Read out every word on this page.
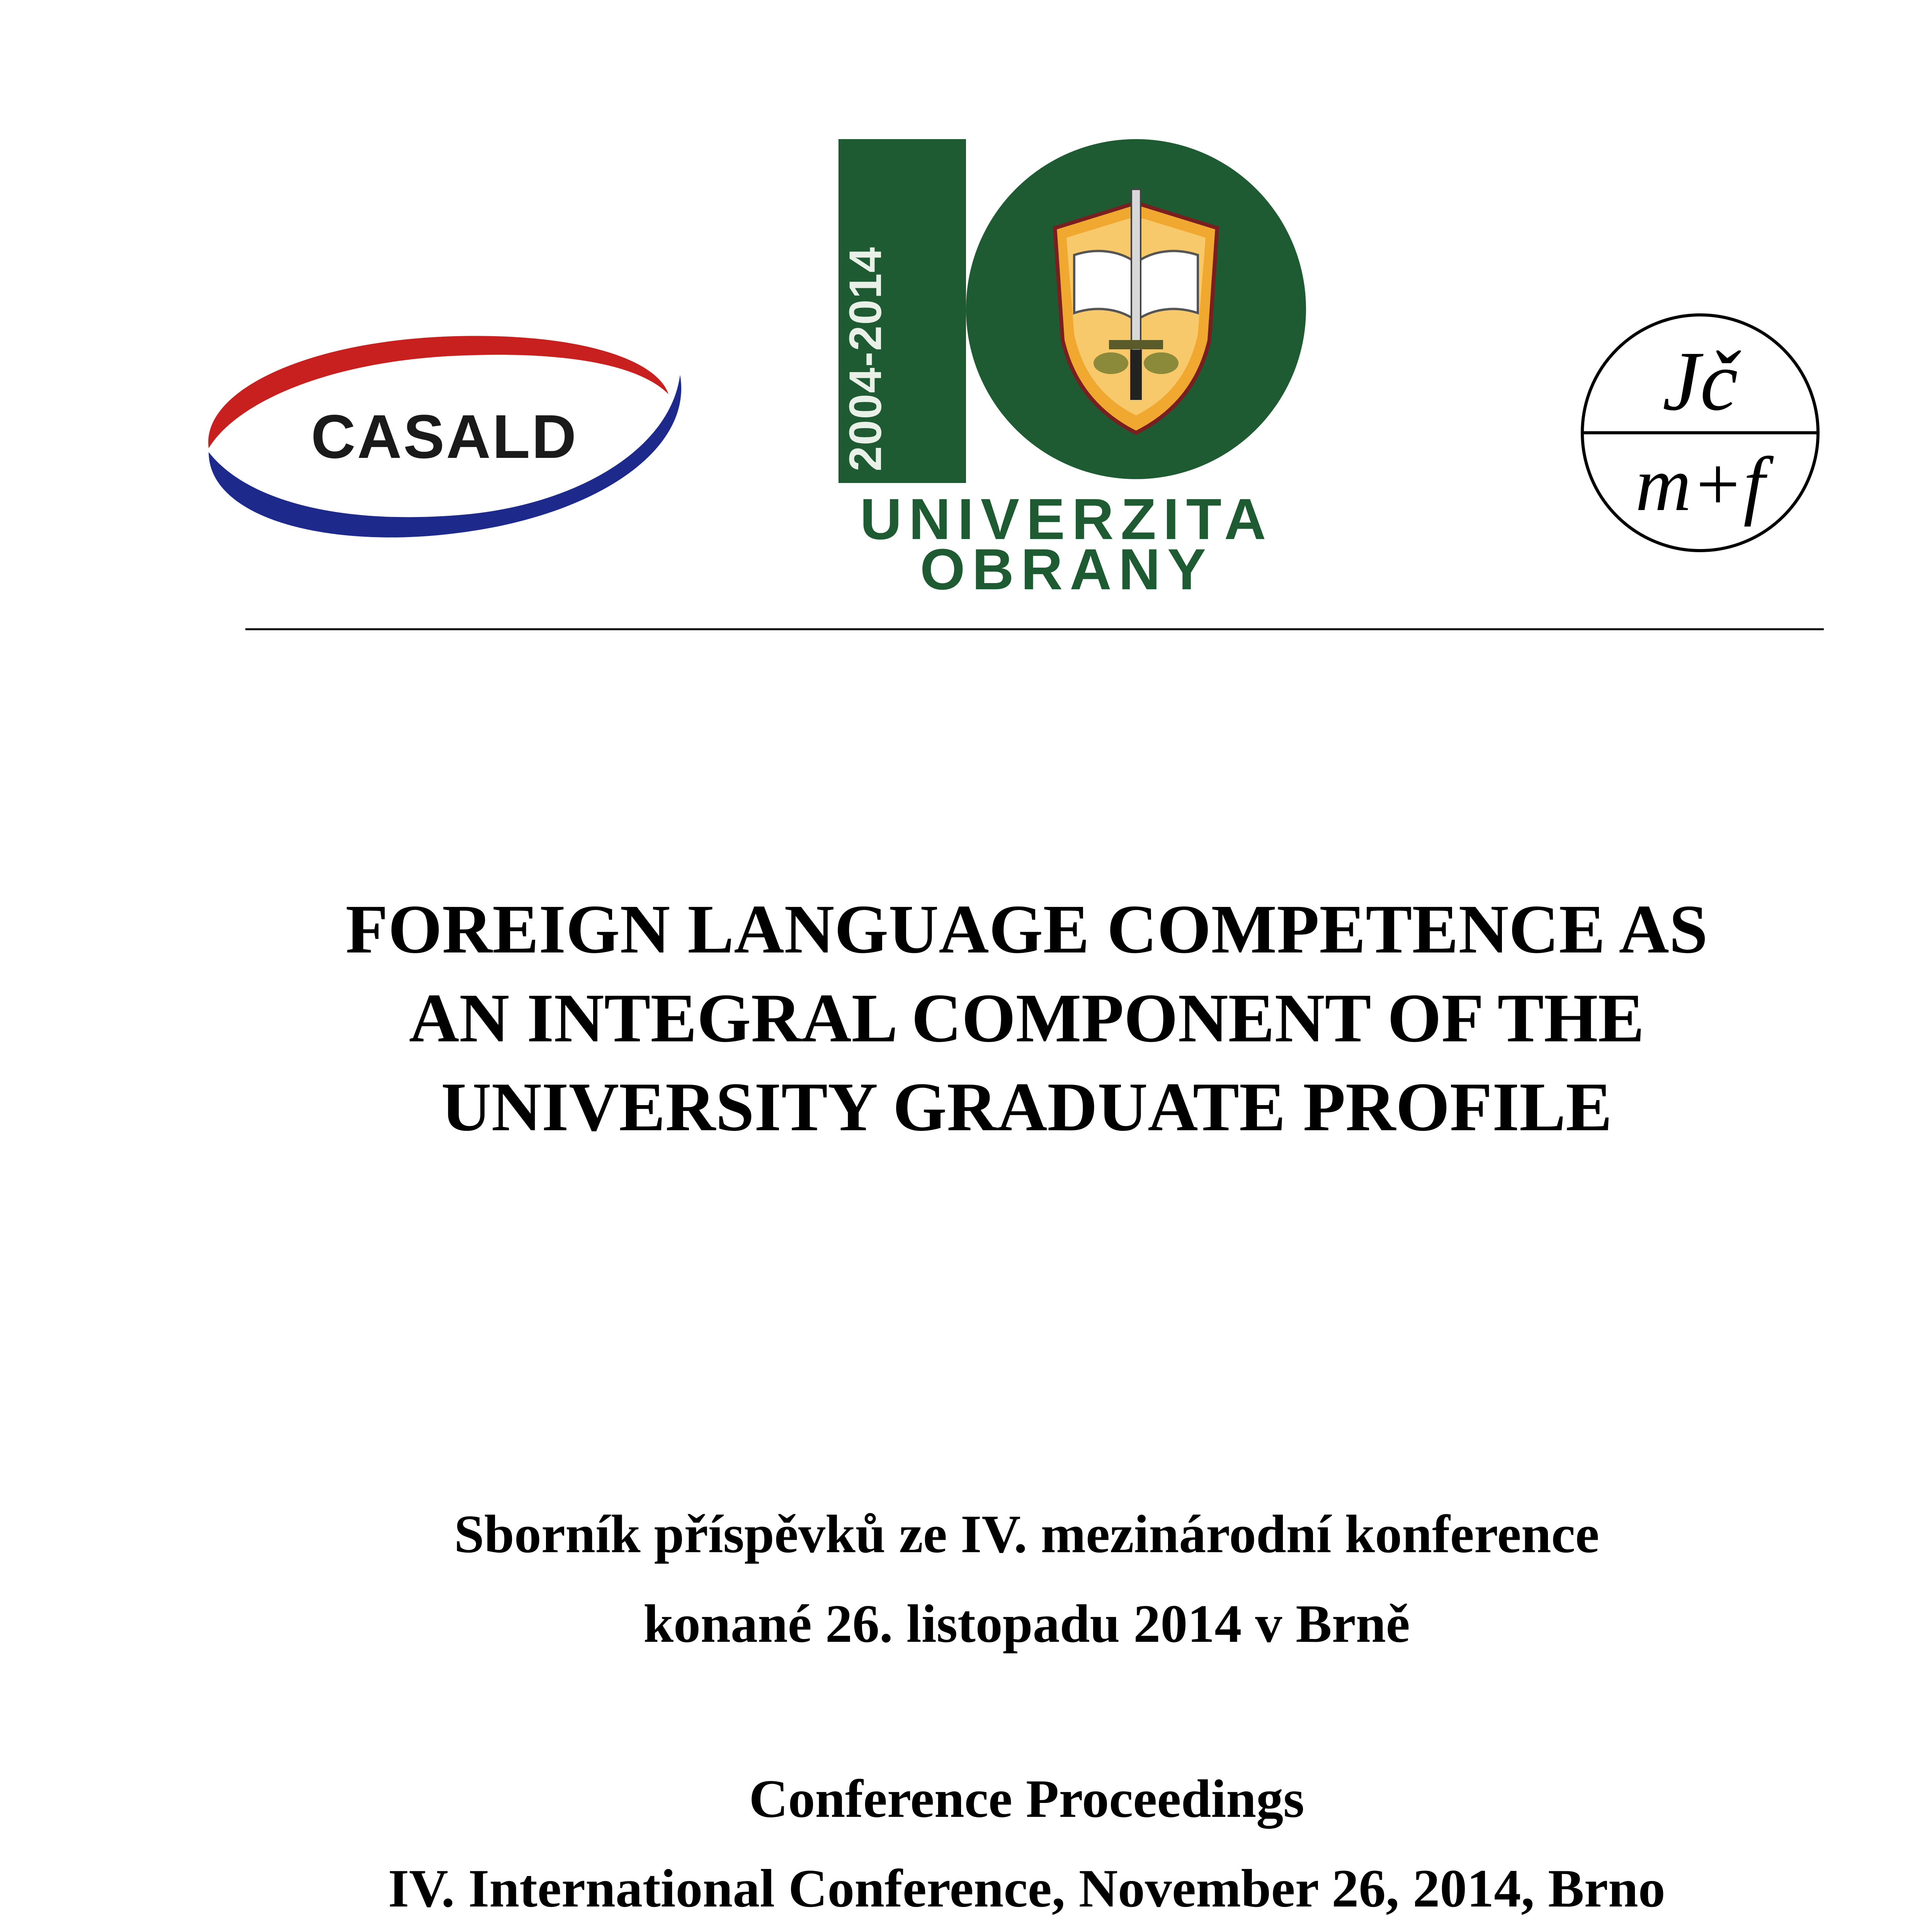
CASALD	2004-2014
UNIVERZITA
OBRANY
Jč
m+f
FOREIGN LANGUAGE COMPETENCE AS
AN INTEGRAL COMPONENT OF THE
UNIVERSITY GRADUATE PROFILE
Sborník příspěvků ze IV. mezinárodní konference
konané 26. listopadu 2014 v Brně
Conference Proceedings
IV. International Conference, November 26, 2014, Brno
